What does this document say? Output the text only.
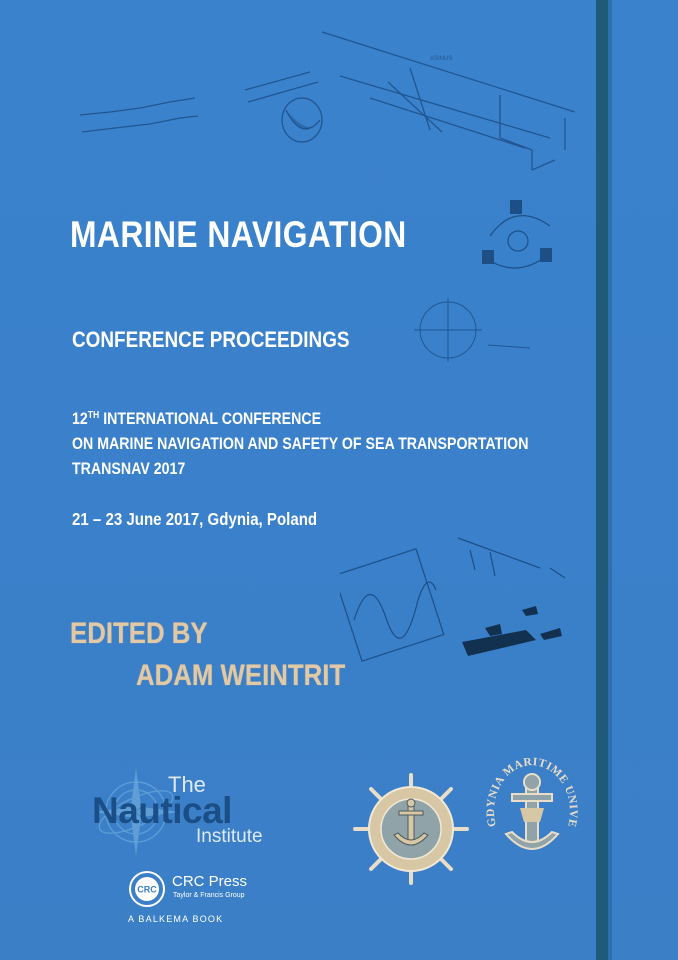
ASINUS
MARINE NAVIGATION
CONFERENCE PROCEEDINGS
12TH INTERNATIONAL CONFERENCE
ON MARINE NAVIGATION AND SAFETY OF SEA TRANSPORTATION
TRANSNAV 2017
21 – 23 June 2017, Gdynia, Poland
EDITED BY
ADAM WEINTRIT
The
Nautical
Institute
CRC CRC Press
Taylor & Francis Group
A BALKEMA BOOK
GDYNIA MARITIME UNIVE
